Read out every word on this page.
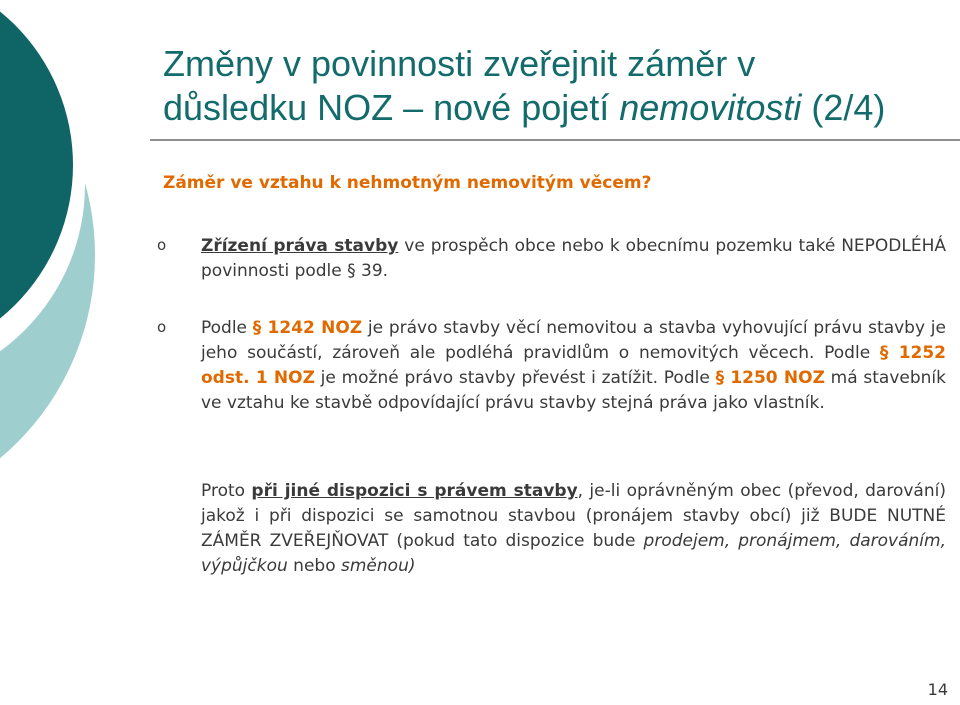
Změny v povinnosti zveřejnit záměr v
důsledku NOZ – nové pojetí nemovitosti (2/4)

Záměr ve vztahu k nehmotným nemovitým věcem?

o Zřízení práva stavby ve prospěch obce nebo k obecnímu pozemku také NEPODLÉHÁ povinnosti podle § 39.
o Podle § 1242 NOZ je právo stavby věcí nemovitou a stavba vyhovující právu stavby je jeho součástí, zároveň ale podléhá pravidlům o nemovitých věcech. Podle § 1252 odst. 1 NOZ je možné právo stavby převést i zatížit. Podle § 1250 NOZ má stavebník ve vztahu ke stavbě odpovídající právu stavby stejná práva jako vlastník.
Proto při jiné dispozici s právem stavby, je-li oprávněným obec (převod, darování) jakož i při dispozici se samotnou stavbou (pronájem stavby obcí) již BUDE NUTNÉ ZÁMĚR ZVEŘEJŇOVAT (pokud tato dispozice bude prodejem, pronájmem, darováním, výpůjčkou nebo směnou)
14
